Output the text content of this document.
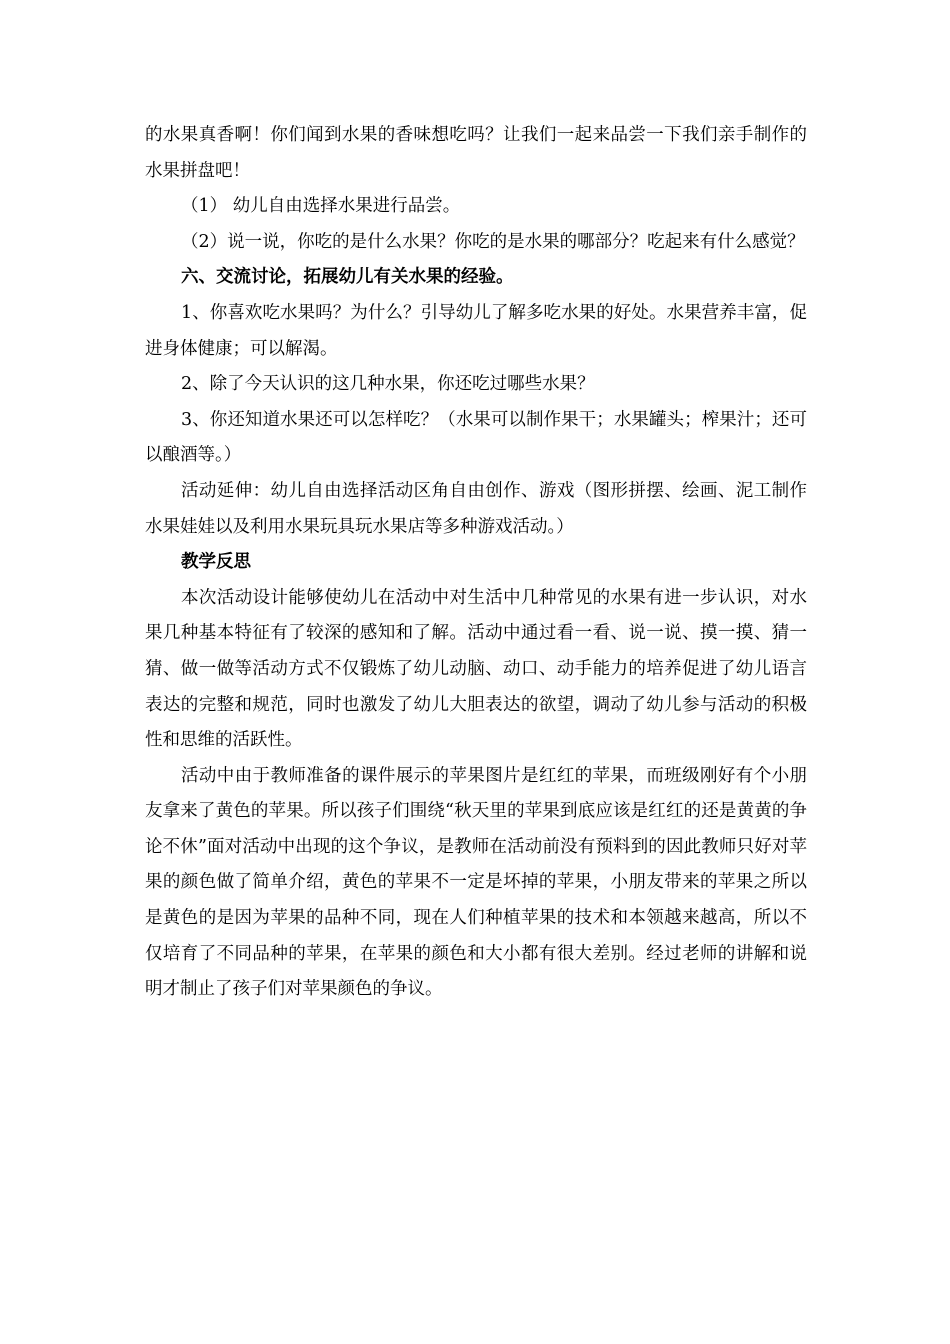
的水果真香啊！你们闻到水果的香味想吃吗？让我们一起来品尝一下我们亲手制作的水果拼盘吧！

（1） 幼儿自由选择水果进行品尝。

（2）说一说，你吃的是什么水果？你吃的是水果的哪部分？吃起来有什么感觉？

六、交流讨论，拓展幼儿有关水果的经验。

1、你喜欢吃水果吗？为什么？引导幼儿了解多吃水果的好处。水果营养丰富，促进身体健康；可以解渴。

2、除了今天认识的这几种水果，你还吃过哪些水果？

3、你还知道水果还可以怎样吃？（水果可以制作果干；水果罐头；榨果汁；还可以酿酒等。）

活动延伸：幼儿自由选择活动区角自由创作、游戏（图形拼摆、绘画、泥工制作水果娃娃以及利用水果玩具玩水果店等多种游戏活动。）

教学反思

本次活动设计能够使幼儿在活动中对生活中几种常见的水果有进一步认识，对水果几种基本特征有了较深的感知和了解。活动中通过看一看、说一说、摸一摸、猜一猜、做一做等活动方式不仅锻炼了幼儿动脑、动口、动手能力的培养促进了幼儿语言表达的完整和规范，同时也激发了幼儿大胆表达的欲望，调动了幼儿参与活动的积极性和思维的活跃性。

活动中由于教师准备的课件展示的苹果图片是红红的苹果，而班级刚好有个小朋友拿来了黄色的苹果。所以孩子们围绕“秋天里的苹果到底应该是红红的还是黄黄的争论不休”面对活动中出现的这个争议，是教师在活动前没有预料到的因此教师只好对苹果的颜色做了简单介绍，黄色的苹果不一定是坏掉的苹果，小朋友带来的苹果之所以是黄色的是因为苹果的品种不同，现在人们种植苹果的技术和本领越来越高，所以不仅培育了不同品种的苹果，在苹果的颜色和大小都有很大差别。经过老师的讲解和说明才制止了孩子们对苹果颜色的争议。
